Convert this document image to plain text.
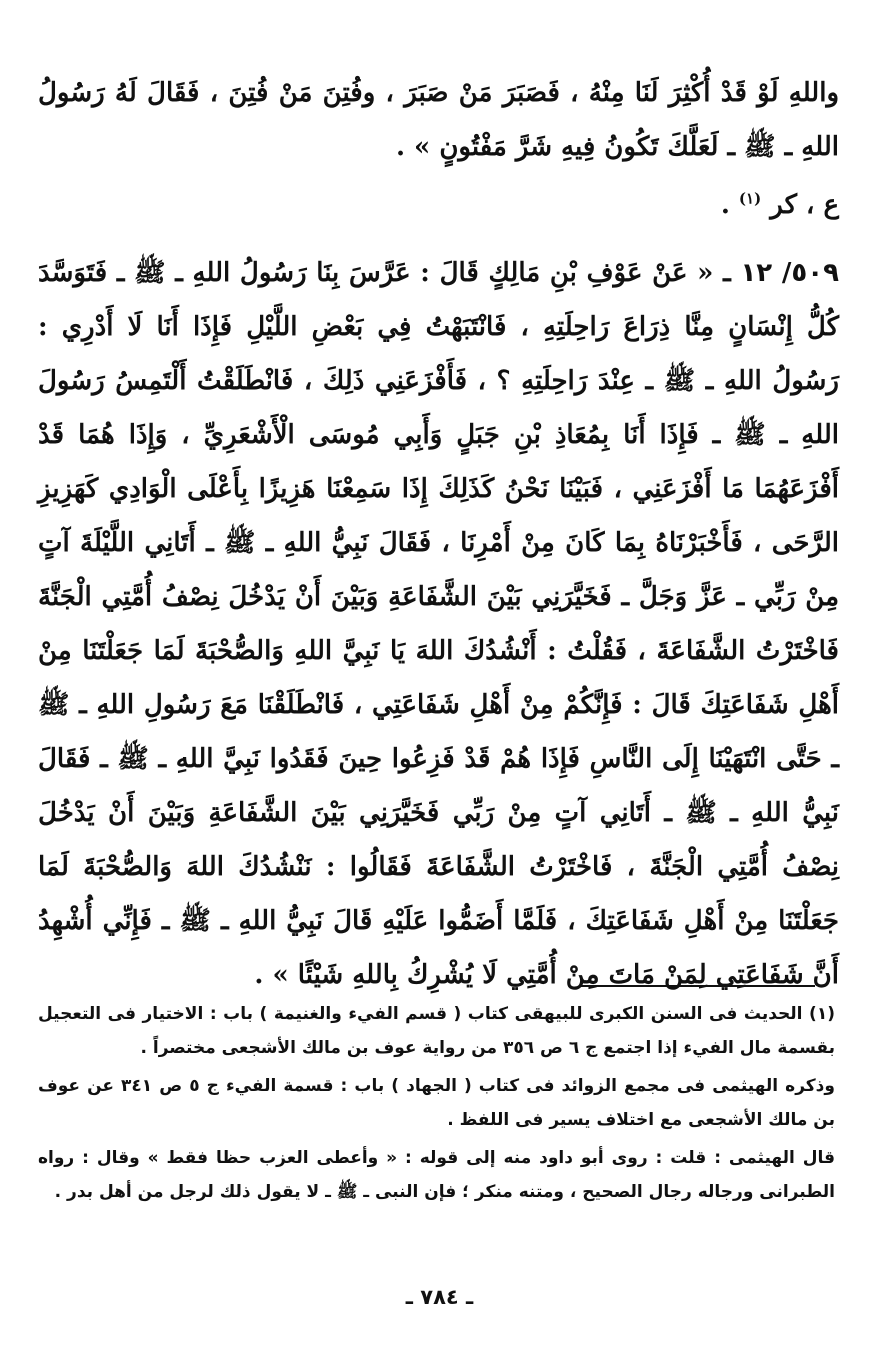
واللهِ لَوْ قَدْ أُكْثِرَ لَنَا مِنْهُ ، فَصَبَرَ مَنْ صَبَرَ ، وفُتِنَ مَنْ فُتِنَ ، فَقَالَ لَهُ رَسُولُ اللهِ ـ ﷺ ـ لَعَلَّكَ تَكُونُ فِيهِ شَرَّ مَفْتُونٍ » .

ع ، كر $^{(١)}$ .

٥٠٩/ ١٢ ـ « عَنْ عَوْفِ بْنِ مَالِكٍ قَالَ : عَرَّسَ بِنَا رَسُولُ اللهِ ـ ﷺ ـ فَتَوَسَّدَ كُلُّ إِنْسَانٍ مِنَّا ذِرَاعَ رَاحِلَتِهِ ، فَانْتَبَهْتُ فِي بَعْضِ اللَّيْلِ فَإِذَا أَنَا لَا أَدْرِي : رَسُولُ اللهِ ـ ﷺ ـ عِنْدَ رَاحِلَتِهِ ؟ ، فَأَفْزَعَنِي ذَلِكَ ، فَانْطَلَقْتُ أَلْتَمِسُ رَسُولَ اللهِ ـ ﷺ ـ فَإِذَا أَنَا بِمُعَاذِ بْنِ جَبَلٍ وَأَبِي مُوسَى الْأَشْعَرِيِّ ، وَإِذَا هُمَا قَدْ أَفْزَعَهُمَا مَا أَفْزَعَنِي ، فَبَيْنَا نَحْنُ كَذَلِكَ إِذَا سَمِعْنَا هَزِيزًا بِأَعْلَى الْوَادِي كَهَزِيزِ الرَّحَى ، فَأَخْبَرْنَاهُ بِمَا كَانَ مِنْ أَمْرِنَا ، فَقَالَ نَبِيُّ اللهِ ـ ﷺ ـ أَتَانِي اللَّيْلَةَ آتٍ مِنْ رَبِّي ـ عَزَّ وَجَلَّ ـ فَخَيَّرَنِي بَيْنَ الشَّفَاعَةِ وَبَيْنَ أَنْ يَدْخُلَ نِصْفُ أُمَّتِي الْجَنَّةَ فَاخْتَرْتُ الشَّفَاعَةَ ، فَقُلْتُ : أَنْشُدُكَ اللهَ يَا نَبِيَّ اللهِ وَالصُّحْبَةَ لَمَا جَعَلْتَنَا مِنْ أَهْلِ شَفَاعَتِكَ قَالَ : فَإِنَّكُمْ مِنْ أَهْلِ شَفَاعَتِي ، فَانْطَلَقْنَا مَعَ رَسُولِ اللهِ ـ ﷺ ـ حَتَّى انْتَهَيْنَا إِلَى النَّاسِ فَإِذَا هُمْ قَدْ فَزِعُوا حِينَ فَقَدُوا نَبِيَّ اللهِ ـ ﷺ ـ فَقَالَ نَبِيُّ اللهِ ـ ﷺ ـ أَتَانِي آتٍ مِنْ رَبِّي فَخَيَّرَنِي بَيْنَ الشَّفَاعَةِ وَبَيْنَ أَنْ يَدْخُلَ نِصْفُ أُمَّتِي الْجَنَّةَ ، فَاخْتَرْتُ الشَّفَاعَةَ فَقَالُوا : نَنْشُدُكَ اللهَ وَالصُّحْبَةَ لَمَا جَعَلْتَنَا مِنْ أَهْلِ شَفَاعَتِكَ ، فَلَمَّا أَضَمُّوا عَلَيْهِ قَالَ نَبِيُّ اللهِ ـ ﷺ ـ فَإِنِّي أُشْهِدُ أَنَّ شَفَاعَتِي لِمَنْ مَاتَ مِنْ أُمَّتِي لَا يُشْرِكُ بِاللهِ شَيْئًا » .

(١) الحديث فى السنن الكبرى للبيهقى كتاب ( قسم الفيء والغنيمة ) باب : الاختيار فى التعجيل بقسمة مال الفيء إذا اجتمع ج ٦ ص ٣٥٦ من رواية عوف بن مالك الأشجعى مختصراً .

وذكره الهيثمى فى مجمع الزوائد فى كتاب ( الجهاد ) باب : قسمة الفيء ج ٥ ص ٣٤١ عن عوف بن مالك الأشجعى مع اختلاف يسير فى اللفظ .

قال الهيثمى : قلت : روى أبو داود منه إلى قوله : « وأعطى العزب حظا فقط » وقال : رواه الطبرانى ورجاله رجال الصحيح ، ومتنه منكر ؛ فإن النبى ـ ﷺ ـ لا يقول ذلك لرجل من أهل بدر .

ـ ٧٨٤ ـ
